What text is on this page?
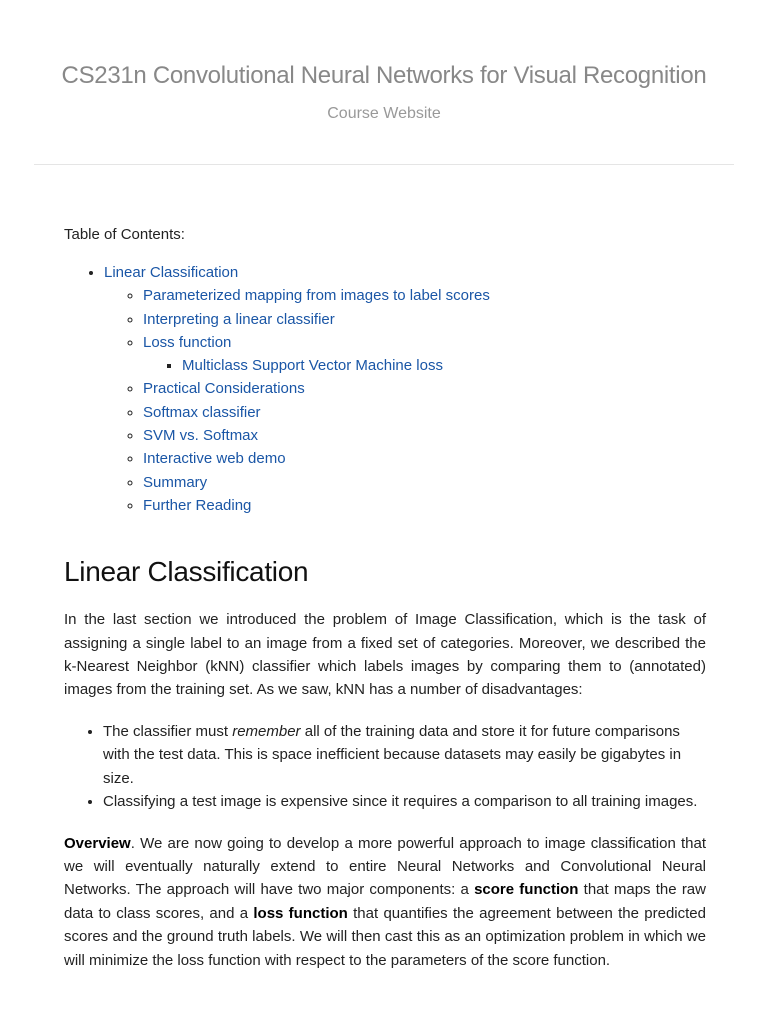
CS231n Convolutional Neural Networks for Visual Recognition
Course Website
Table of Contents:
• Linear Classification
◦ Parameterized mapping from images to label scores
◦ Interpreting a linear classifier
◦ Loss function
▪ Multiclass Support Vector Machine loss
◦ Practical Considerations
◦ Softmax classifier
◦ SVM vs. Softmax
◦ Interactive web demo
◦ Summary
◦ Further Reading
Linear Classification

In the last section we introduced the problem of Image Classification, which is the task of assigning a single label to an image from a fixed set of categories. Moreover, we described the k-Nearest Neighbor (kNN) classifier which labels images by comparing them to (annotated) images from the training set. As we saw, kNN has a number of disadvantages:

• The classifier must remember all of the training data and store it for future comparisons with the test data. This is space inefficient because datasets may easily be gigabytes in size.
• Classifying a test image is expensive since it requires a comparison to all training images.

Overview. We are now going to develop a more powerful approach to image classification that we will eventually naturally extend to entire Neural Networks and Convolutional Neural Networks. The approach will have two major components: a score function that maps the raw data to class scores, and a loss function that quantifies the agreement between the predicted scores and the ground truth labels. We will then cast this as an optimization problem in which we will minimize the loss function with respect to the parameters of the score function.
